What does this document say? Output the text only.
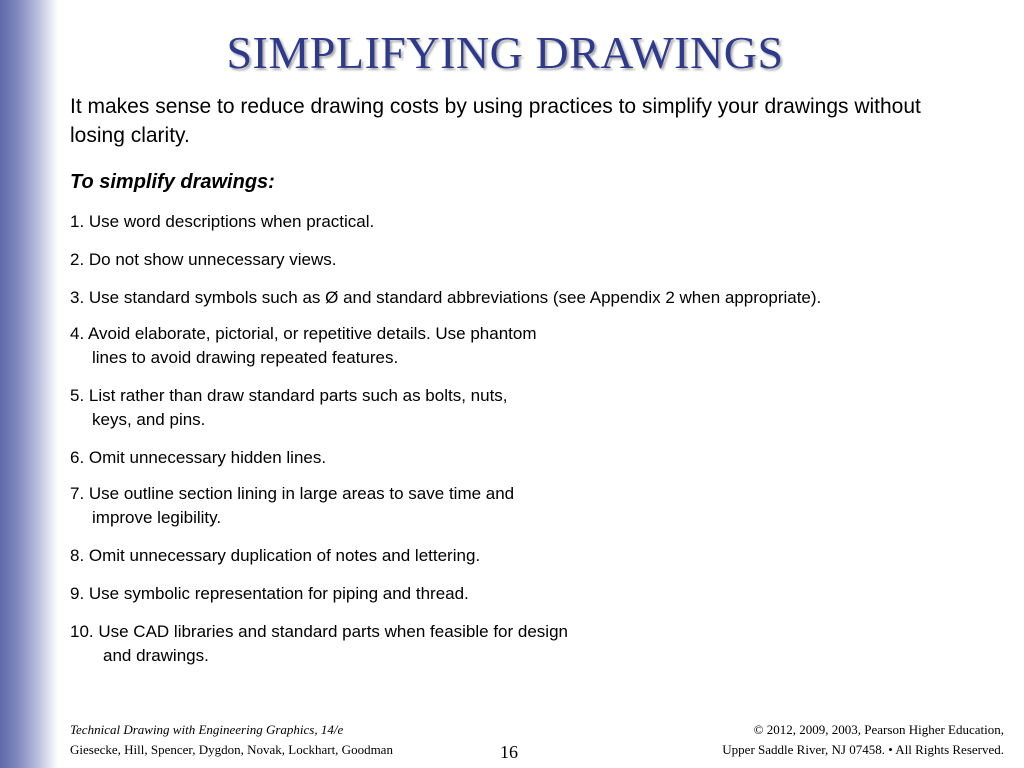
SIMPLIFYING DRAWINGS
It makes sense to reduce drawing costs by using practices to simplify your drawings without losing clarity.
To simplify drawings:
1. Use word descriptions when practical.
2. Do not show unnecessary views.
3. Use standard symbols such as Ø and standard abbreviations (see Appendix 2 when appropriate).
4. Avoid elaborate, pictorial, or repetitive details. Use phantom
lines to avoid drawing repeated features.
5. List rather than draw standard parts such as bolts, nuts,
keys, and pins.
6. Omit unnecessary hidden lines.
7. Use outline section lining in large areas to save time and
improve legibility.
8. Omit unnecessary duplication of notes and lettering.
9. Use symbolic representation for piping and thread.
10. Use CAD libraries and standard parts when feasible for design
and drawings.
Technical Drawing with Engineering Graphics, 14/e
Giesecke, Hill, Spencer, Dygdon, Novak, Lockhart, Goodman	16
© 2012, 2009, 2003, Pearson Higher Education,
Upper Saddle River, NJ 07458. • All Rights Reserved.
